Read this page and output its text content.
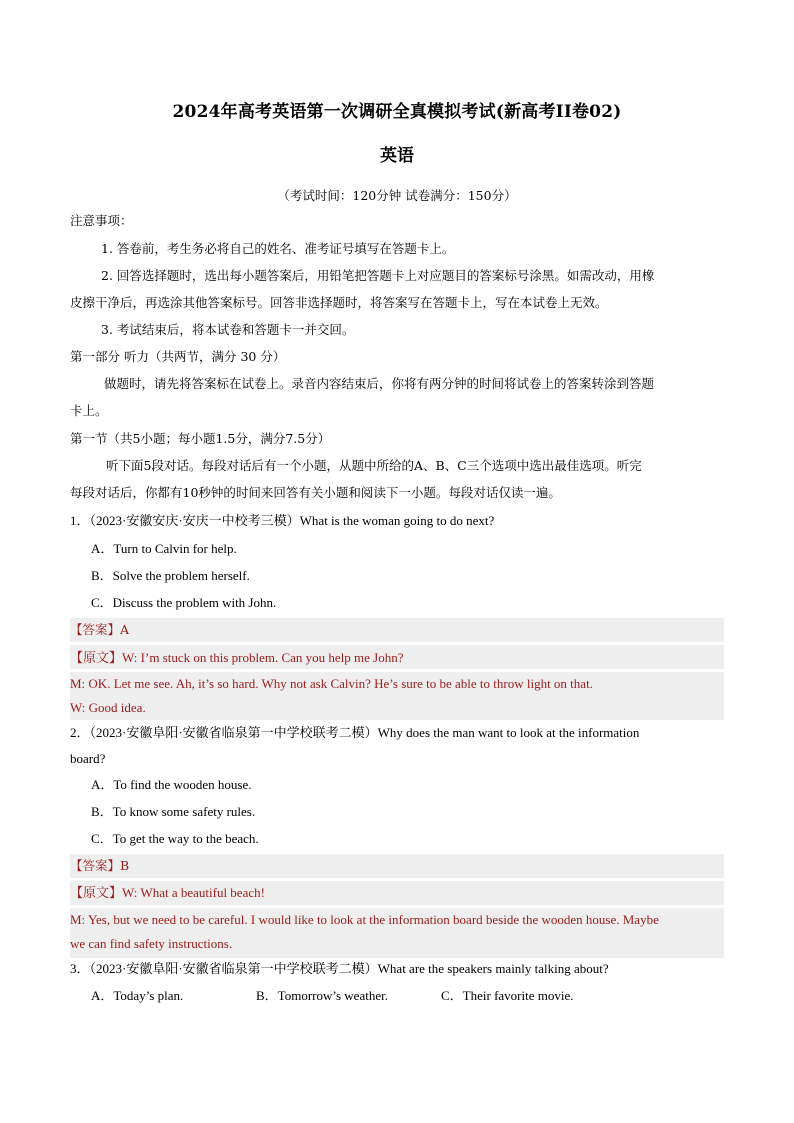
2024年高考英语第一次调研全真模拟考试(新高考II卷02)
英语
（考试时间：120分钟 试卷满分：150分）
注意事项：
1. 答卷前，考生务必将自己的姓名、准考证号填写在答题卡上。
2. 回答选择题时，选出每小题答案后，用铅笔把答题卡上对应题目的答案标号涂黑。如需改动，用橡
皮擦干净后，再选涂其他答案标号。回答非选择题时，将答案写在答题卡上，写在本试卷上无效。
3. 考试结束后，将本试卷和答题卡一并交回。
第一部分 听力（共两节，满分 30 分）
做题时，请先将答案标在试卷上。录音内容结束后，你将有两分钟的时间将试卷上的答案转涂到答题
卡上。
第一节（共5小题；每小题1.5分，满分7.5分）
听下面5段对话。每段对话后有一个小题，从题中所给的A、B、C三个选项中选出最佳选项。听完
每段对话后，你都有10秒钟的时间来回答有关小题和阅读下一小题。每段对话仅读一遍。
1．（2023·安徽安庆·安庆一中校考三模）What is the woman going to do next?
A．Turn to Calvin for help.
B．Solve the problem herself.
C．Discuss the problem with John.
【答案】A
【原文】W: I’m stuck on this problem. Can you help me John?
M: OK. Let me see. Ah, it’s so hard. Why not ask Calvin? He’s sure to be able to throw light on that.
W: Good idea.
2．（2023·安徽阜阳·安徽省临泉第一中学校联考二模）Why does the man want to look at the information
board?
A．To find the wooden house.
B．To know some safety rules.
C．To get the way to the beach.
【答案】B
【原文】W: What a beautiful beach!
M: Yes, but we need to be careful. I would like to look at the information board beside the wooden house. Maybe
we can find safety instructions.
3．（2023·安徽阜阳·安徽省临泉第一中学校联考二模）What are the speakers mainly talking about?
A．Today’s plan.	B．Tomorrow’s weather.	C．Their favorite movie.
